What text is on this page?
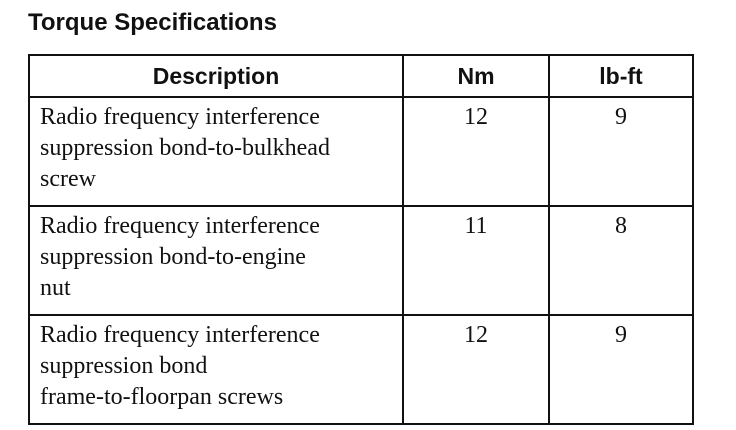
Torque Specifications
Description	Nm	lb-ft

Radio frequency interference
suppression bond-to-bulkhead
screw	12	9

Radio frequency interference
suppression bond-to-engine
nut	11	8

Radio frequency interference
suppression bond
frame-to-floorpan screws	12	9
